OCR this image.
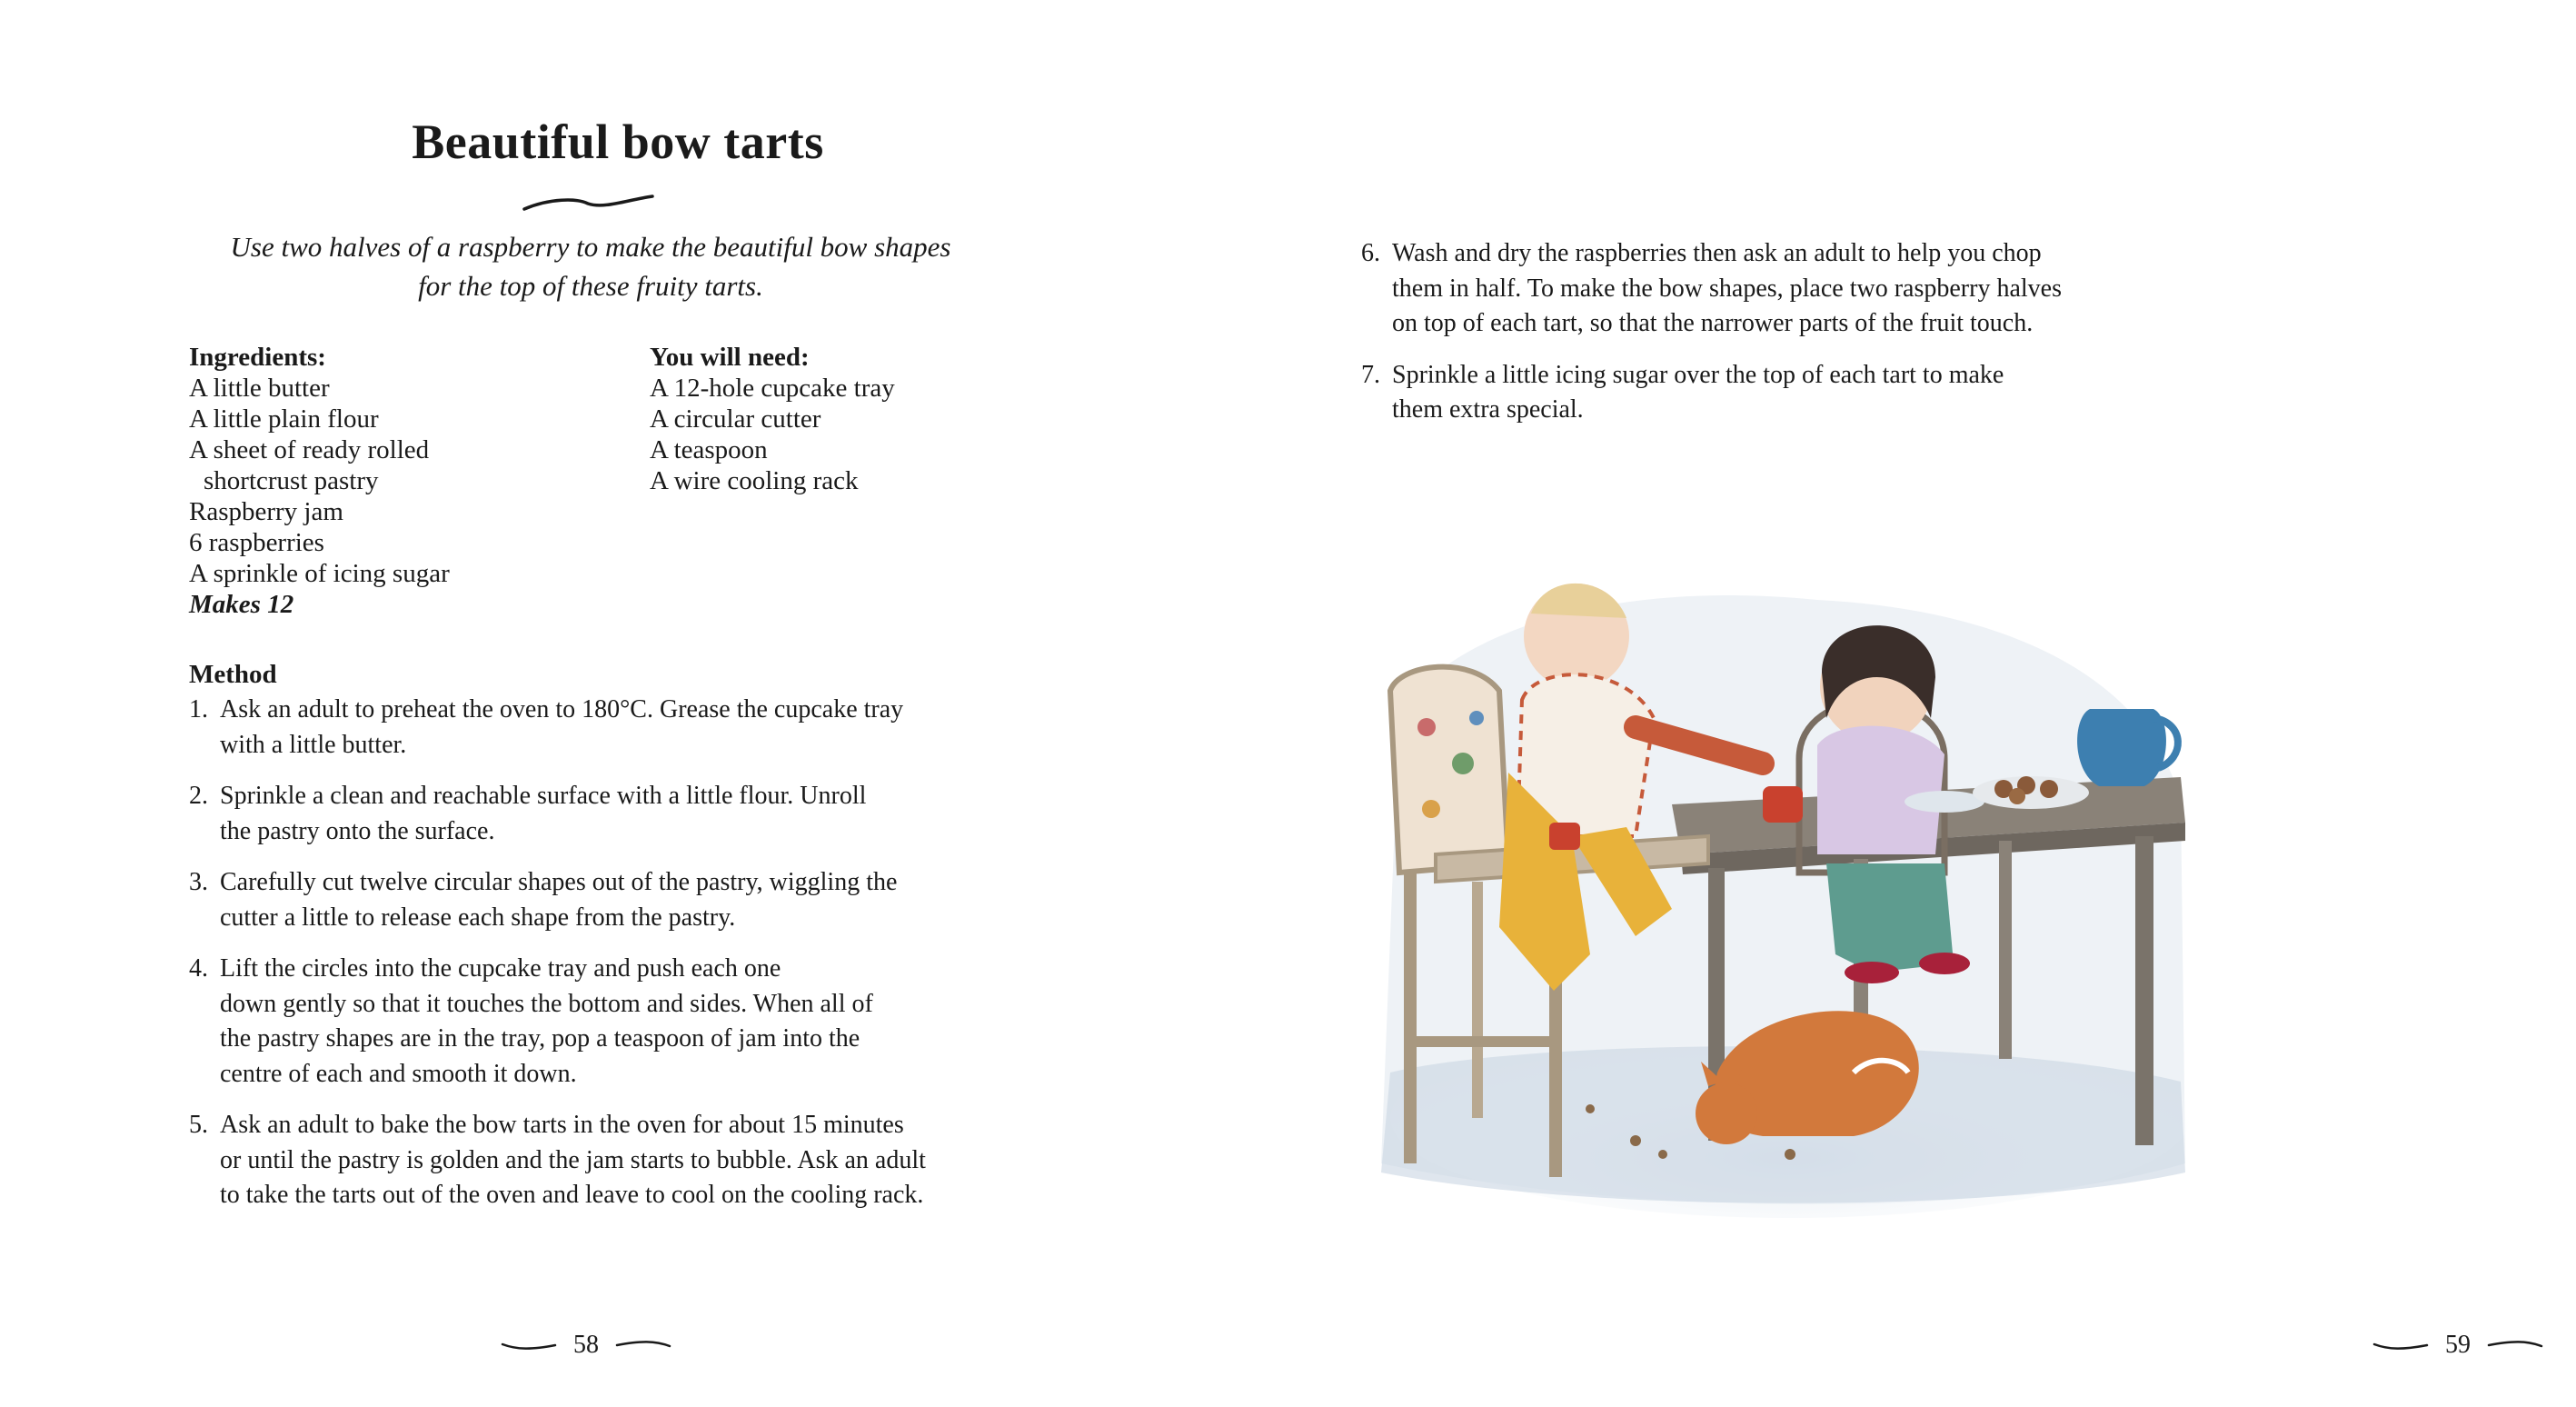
Beautiful bow tarts

Use two halves of a raspberry to make the beautiful bow shapes
for the top of these fruity tarts.

Ingredients:
A little butter
A little plain flour
A sheet of ready rolled
shortcrust pastry
Raspberry jam
6 raspberries
A sprinkle of icing sugar
Makes 12
You will need:
A 12-hole cupcake tray
A circular cutter
A teaspoon
A wire cooling rack
Method
1. Ask an adult to preheat the oven to 180°C. Grease the cupcake tray
with a little butter.
2. Sprinkle a clean and reachable surface with a little flour. Unroll
the pastry onto the surface.
3. Carefully cut twelve circular shapes out of the pastry, wiggling the
cutter a little to release each shape from the pastry.
4. Lift the circles into the cupcake tray and push each one
down gently so that it touches the bottom and sides. When all of
the pastry shapes are in the tray, pop a teaspoon of jam into the
centre of each and smooth it down.
5. Ask an adult to bake the bow tarts in the oven for about 15 minutes
or until the pastry is golden and the jam starts to bubble. Ask an adult
to take the tarts out of the oven and leave to cool on the cooling rack.
58	59
6. Wash and dry the raspberries then ask an adult to help you chop
them in half. To make the bow shapes, place two raspberry halves
on top of each tart, so that the narrower parts of the fruit touch.
7. Sprinkle a little icing sugar over the top of each tart to make
them extra special.
